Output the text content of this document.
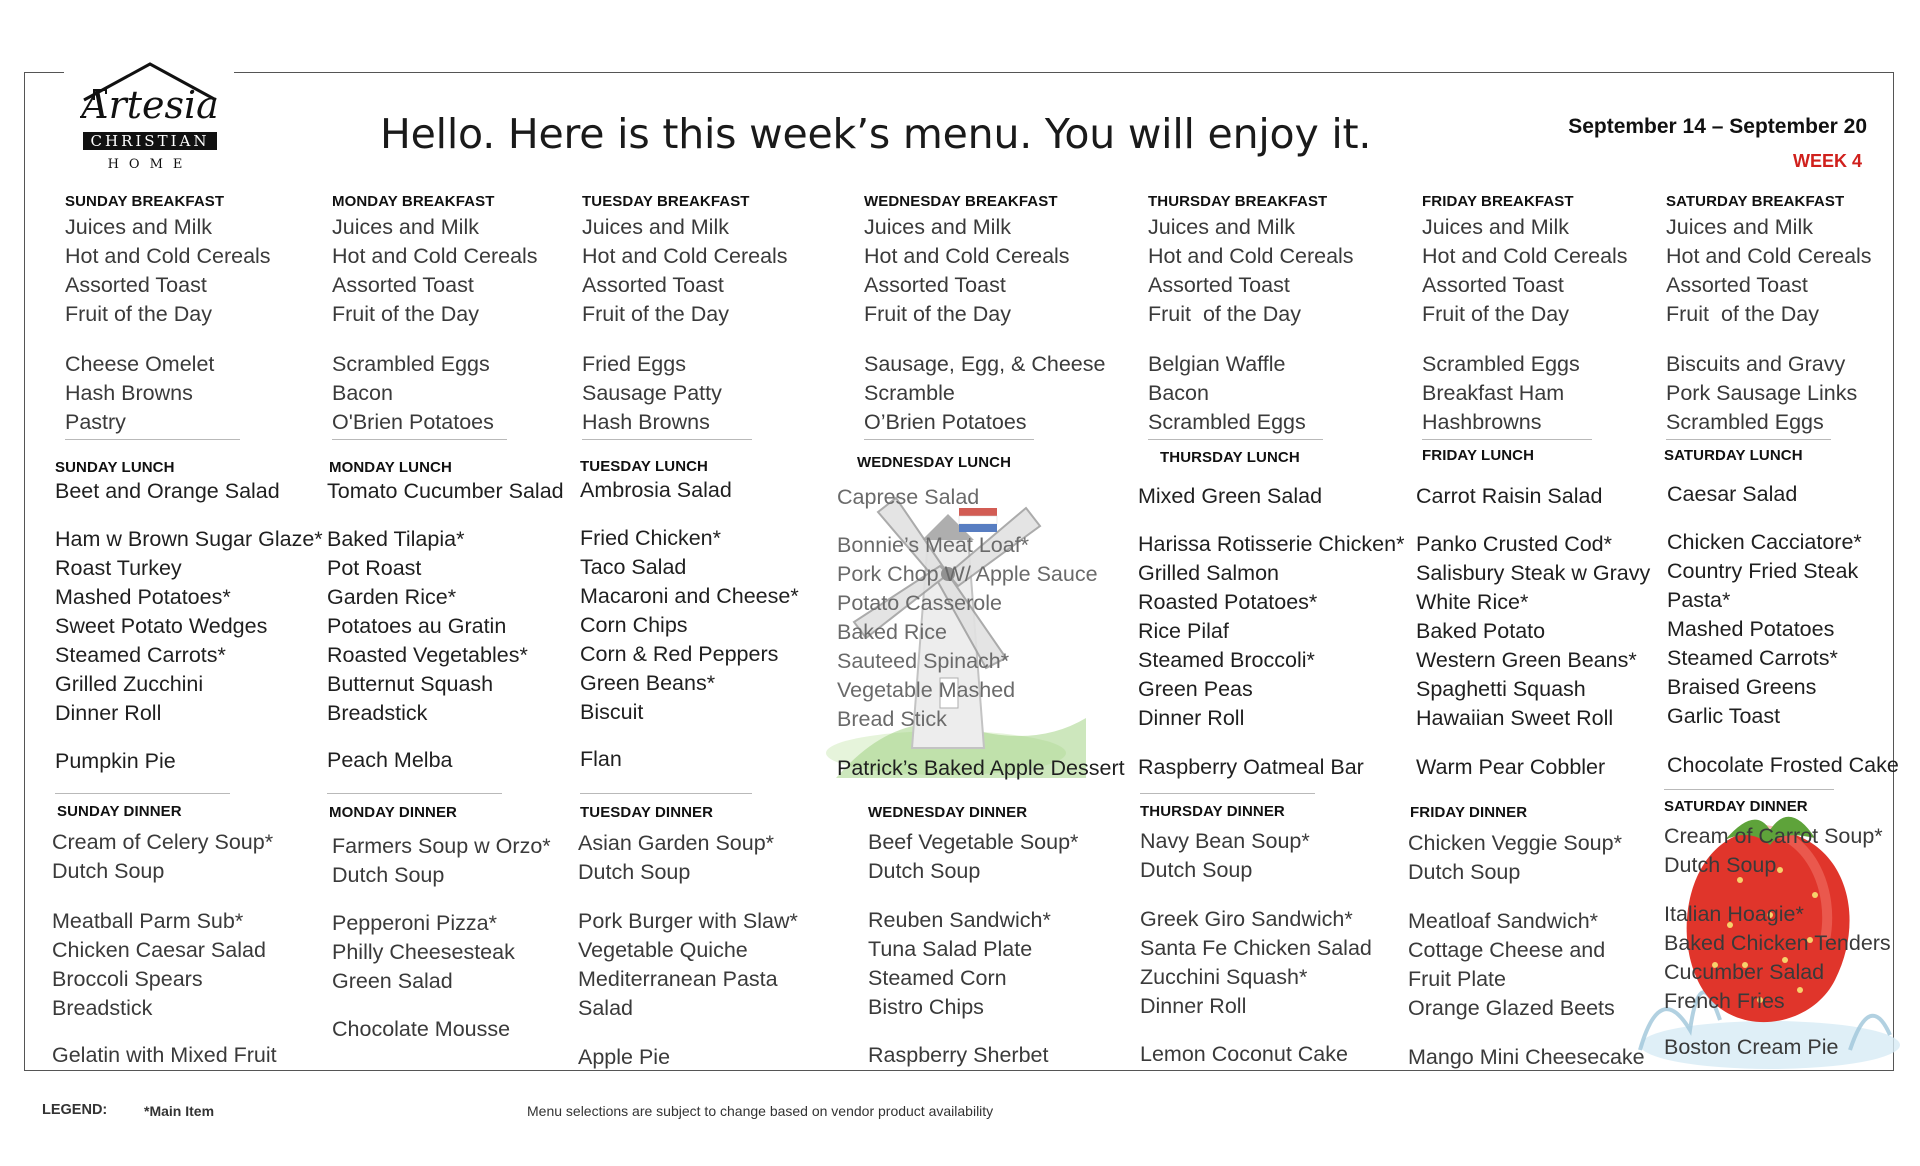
Artesia
CHRISTIAN
HOME
Hello. Here is this week’s menu. You will enjoy it.	September 14 – September 20
WEEK 4
SUNDAY BREAKFAST
Juices and Milk
Hot and Cold Cereals
Assorted Toast
Fruit of the Day
Cheese Omelet
Hash Browns
Pastry
SUNDAY LUNCH
Beet and Orange Salad
Ham w Brown Sugar Glaze*
Roast Turkey
Mashed Potatoes*
Sweet Potato Wedges
Steamed Carrots*
Grilled Zucchini
Dinner Roll
Pumpkin Pie
SUNDAY DINNER
Cream of Celery Soup*
Dutch Soup
Meatball Parm Sub*
Chicken Caesar Salad
Broccoli Spears
Breadstick
Gelatin with Mixed Fruit
MONDAY BREAKFAST
Juices and Milk
Hot and Cold Cereals
Assorted Toast
Fruit of the Day
Scrambled Eggs
Bacon
O'Brien Potatoes
MONDAY LUNCH
Tomato Cucumber Salad
Baked Tilapia*
Pot Roast
Garden Rice*
Potatoes au Gratin
Roasted Vegetables*
Butternut Squash
Breadstick
Peach Melba
MONDAY DINNER
Farmers Soup w Orzo*
Dutch Soup
Pepperoni Pizza*
Philly Cheesesteak
Green Salad
Chocolate Mousse
TUESDAY BREAKFAST
Juices and Milk
Hot and Cold Cereals
Assorted Toast
Fruit of the Day
Fried Eggs
Sausage Patty
Hash Browns
TUESDAY LUNCH
Ambrosia Salad
Fried Chicken*
Taco Salad
Macaroni and Cheese*
Corn Chips
Corn & Red Peppers
Green Beans*
Biscuit
Flan
TUESDAY DINNER
Asian Garden Soup*
Dutch Soup
Pork Burger with Slaw*
Vegetable Quiche
Mediterranean Pasta
Salad
Apple Pie
WEDNESDAY BREAKFAST
Juices and Milk
Hot and Cold Cereals
Assorted Toast
Fruit of the Day
Sausage, Egg, & Cheese
Scramble
O’Brien Potatoes
WEDNESDAY LUNCH
Caprese Salad
Bonnie’s Meat Loaf*
Pork Chop W/ Apple Sauce
Potato Casserole
Baked Rice
Sauteed Spinach*
Vegetable Mashed
Bread Stick
Patrick’s Baked Apple Dessert
WEDNESDAY DINNER
Beef Vegetable Soup*
Dutch Soup
Reuben Sandwich*
Tuna Salad Plate
Steamed Corn
Bistro Chips
Raspberry Sherbet
THURSDAY BREAKFAST
Juices and Milk
Hot and Cold Cereals
Assorted Toast
Fruit  of the Day
Belgian Waffle
Bacon
Scrambled Eggs
THURSDAY LUNCH
Mixed Green Salad
Harissa Rotisserie Chicken*
Grilled Salmon
Roasted Potatoes*
Rice Pilaf
Steamed Broccoli*
Green Peas
Dinner Roll
Raspberry Oatmeal Bar
THURSDAY DINNER
Navy Bean Soup*
Dutch Soup
Greek Giro Sandwich*
Santa Fe Chicken Salad
Zucchini Squash*
Dinner Roll
Lemon Coconut Cake
FRIDAY BREAKFAST
Juices and Milk
Hot and Cold Cereals
Assorted Toast
Fruit of the Day
Scrambled Eggs
Breakfast Ham
Hashbrowns
FRIDAY LUNCH
Carrot Raisin Salad
Panko Crusted Cod*
Salisbury Steak w Gravy
White Rice*
Baked Potato
Western Green Beans*
Spaghetti Squash
Hawaiian Sweet Roll
Warm Pear Cobbler
FRIDAY DINNER
Chicken Veggie Soup*
Dutch Soup
Meatloaf Sandwich*
Cottage Cheese and
Fruit Plate
Orange Glazed Beets
Mango Mini Cheesecake
SATURDAY BREAKFAST
Juices and Milk
Hot and Cold Cereals
Assorted Toast
Fruit  of the Day
Biscuits and Gravy
Pork Sausage Links
Scrambled Eggs
SATURDAY LUNCH
Caesar Salad
Chicken Cacciatore*
Country Fried Steak
Pasta*
Mashed Potatoes
Steamed Carrots*
Braised Greens
Garlic Toast
Chocolate Frosted Cake
SATURDAY DINNER
Cream of Carrot Soup*
Dutch Soup
Italian Hoagie*
Baked Chicken Tenders
Cucumber Salad
French Fries
Boston Cream Pie
LEGEND:	*Main Item	Menu selections are subject to change based on vendor product availability
